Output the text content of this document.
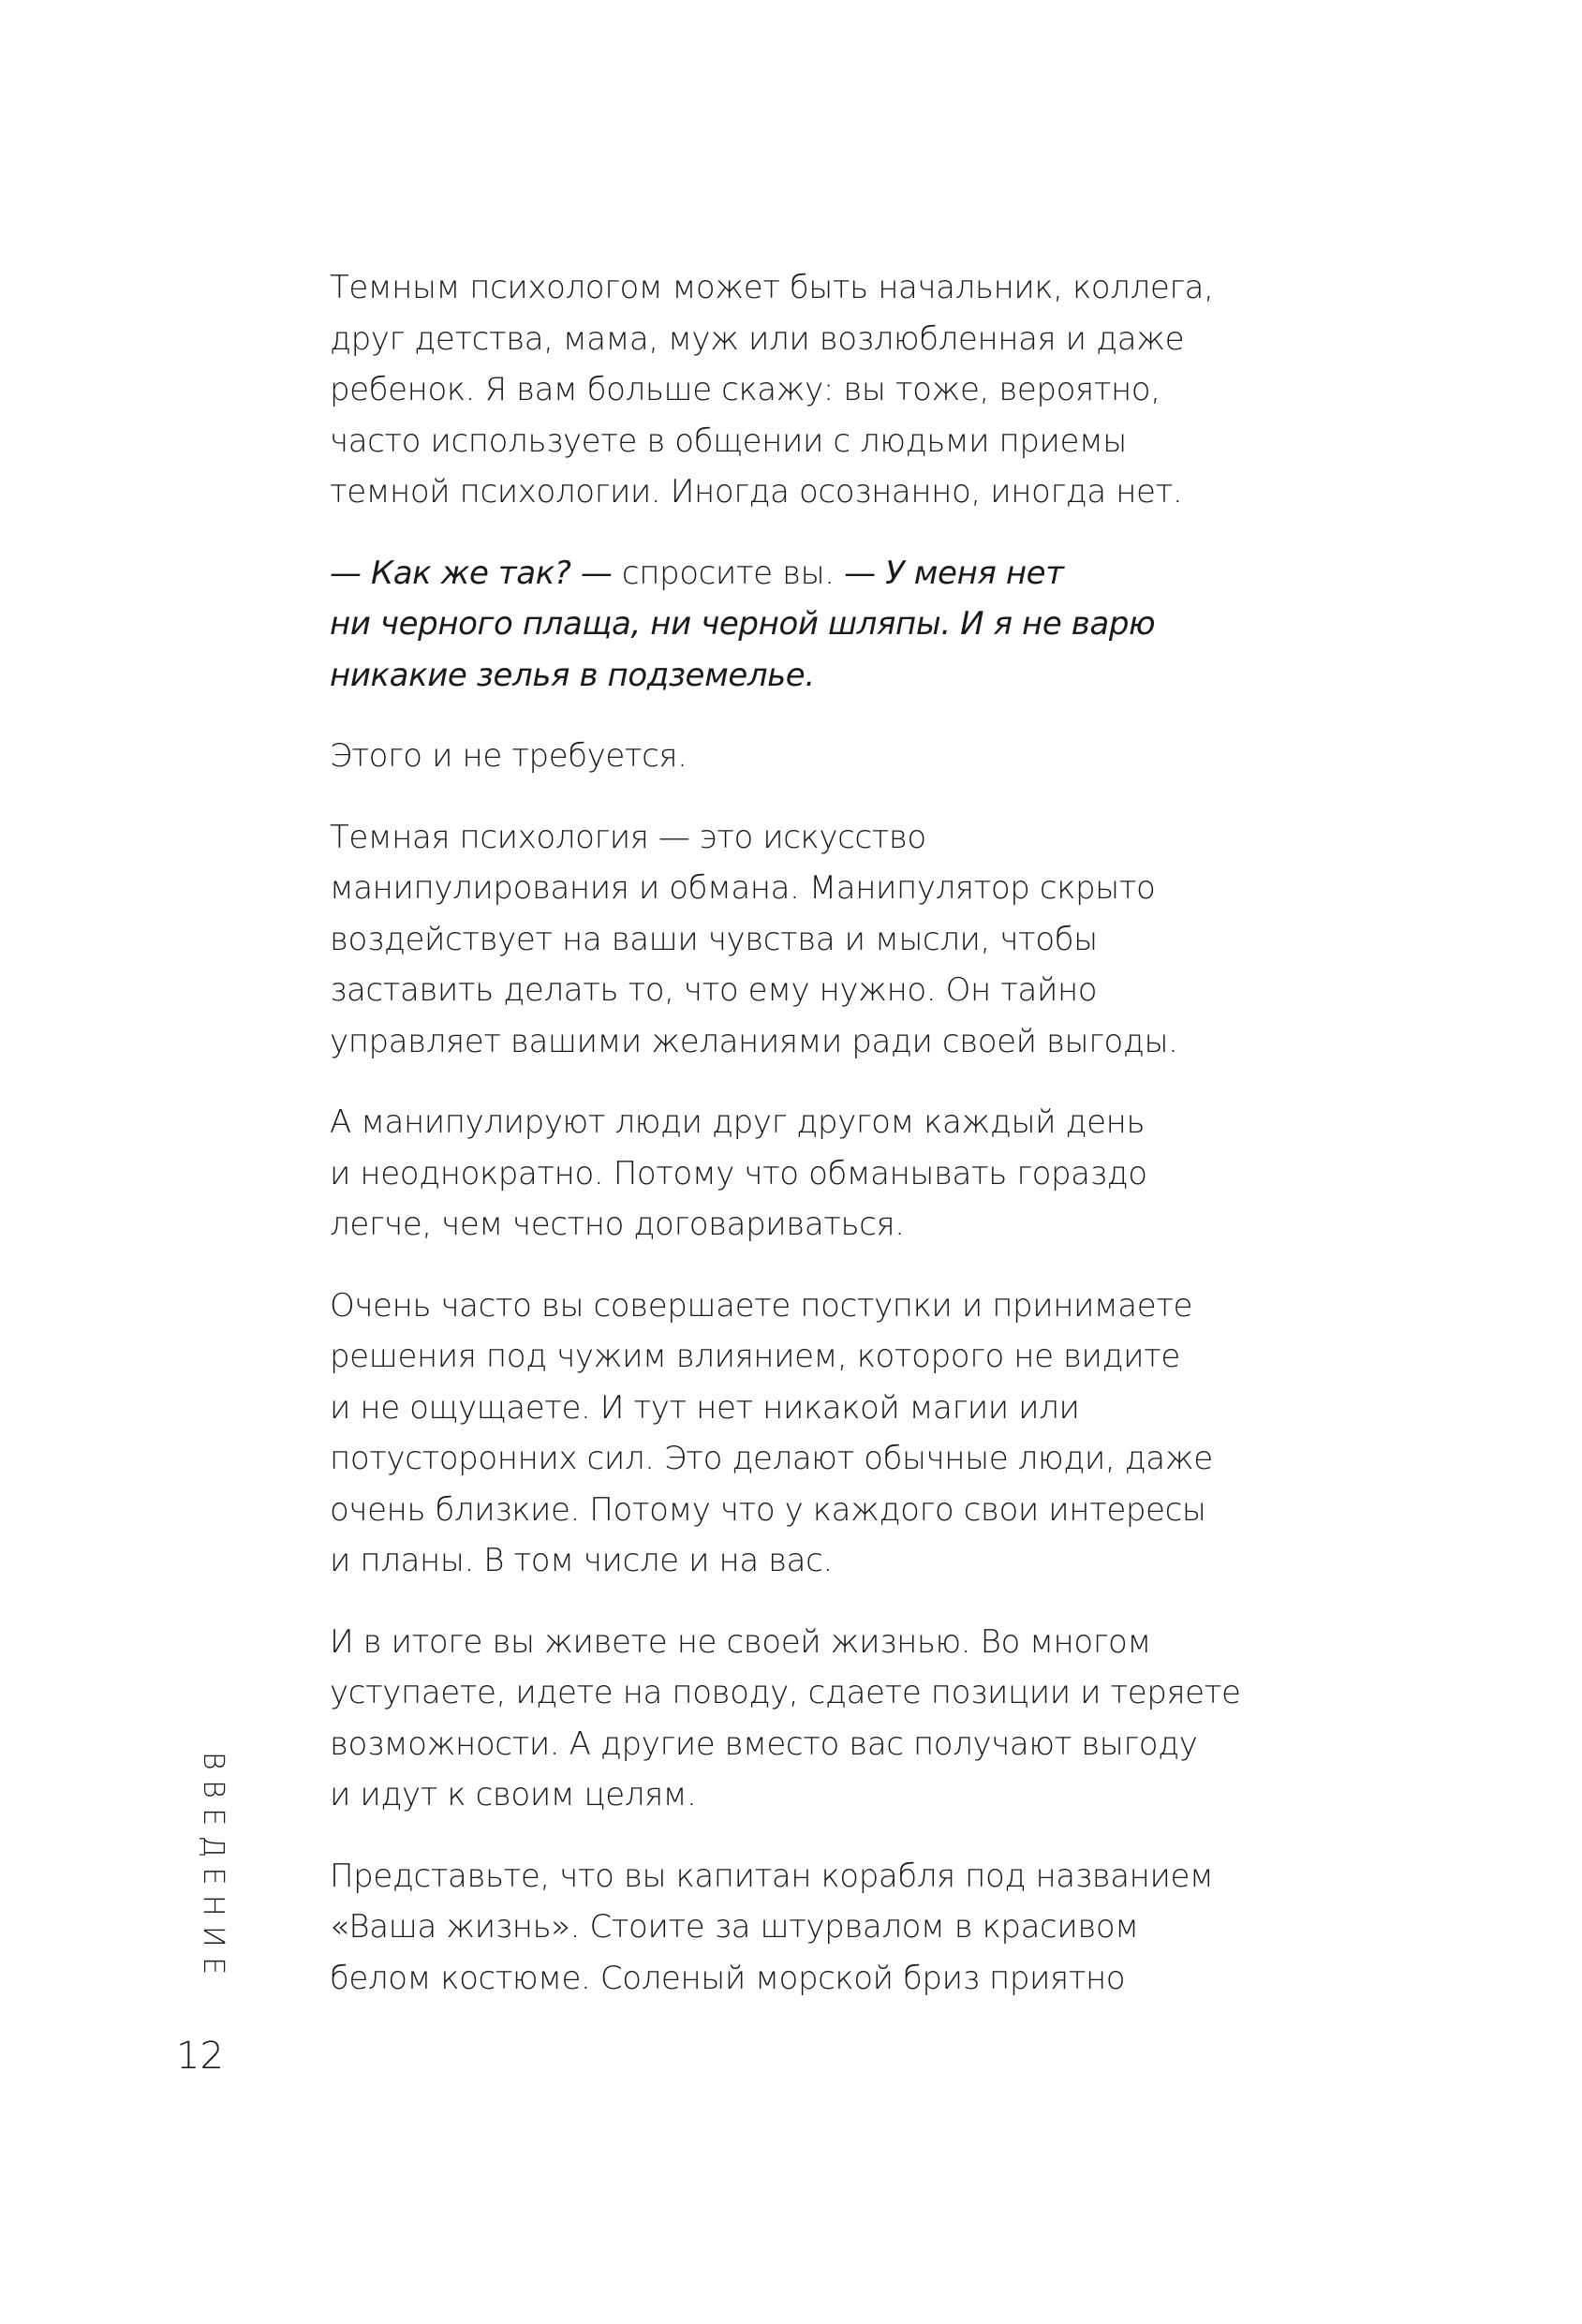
Темным психологом может быть начальник, коллега,
друг детства, мама, муж или возлюбленная и даже
ребенок. Я вам больше скажу: вы тоже, вероятно,
часто используете в общении с людьми приемы
темной психологии. Иногда осознанно, иногда нет.

— Как же так? — спросите вы. — У меня нет
ни черного плаща, ни черной шляпы. И я не варю
никакие зелья в подземелье.

Этого и не требуется.

Темная психология — это искусство
манипулирования и обмана. Манипулятор скрыто
воздействует на ваши чувства и мысли, чтобы
заставить делать то, что ему нужно. Он тайно
управляет вашими желаниями ради своей выгоды.

А манипулируют люди друг другом каждый день
и неоднократно. Потому что обманывать гораздо
легче, чем честно договариваться.

Очень часто вы совершаете поступки и принимаете
решения под чужим влиянием, которого не видите
и не ощущаете. И тут нет никакой магии или
потусторонних сил. Это делают обычные люди, даже
очень близкие. Потому что у каждого свои интересы
и планы. В том числе и на вас.

И в итоге вы живете не своей жизнью. Во многом
уступаете, идете на поводу, сдаете позиции и теряете
возможности. А другие вместо вас получают выгоду
и идут к своим целям.

Представьте, что вы капитан корабля под названием
«Ваша жизнь». Стоите за штурвалом в красивом
белом костюме. Соленый морской бриз приятно

ВВЕДЕНИЕ
12
